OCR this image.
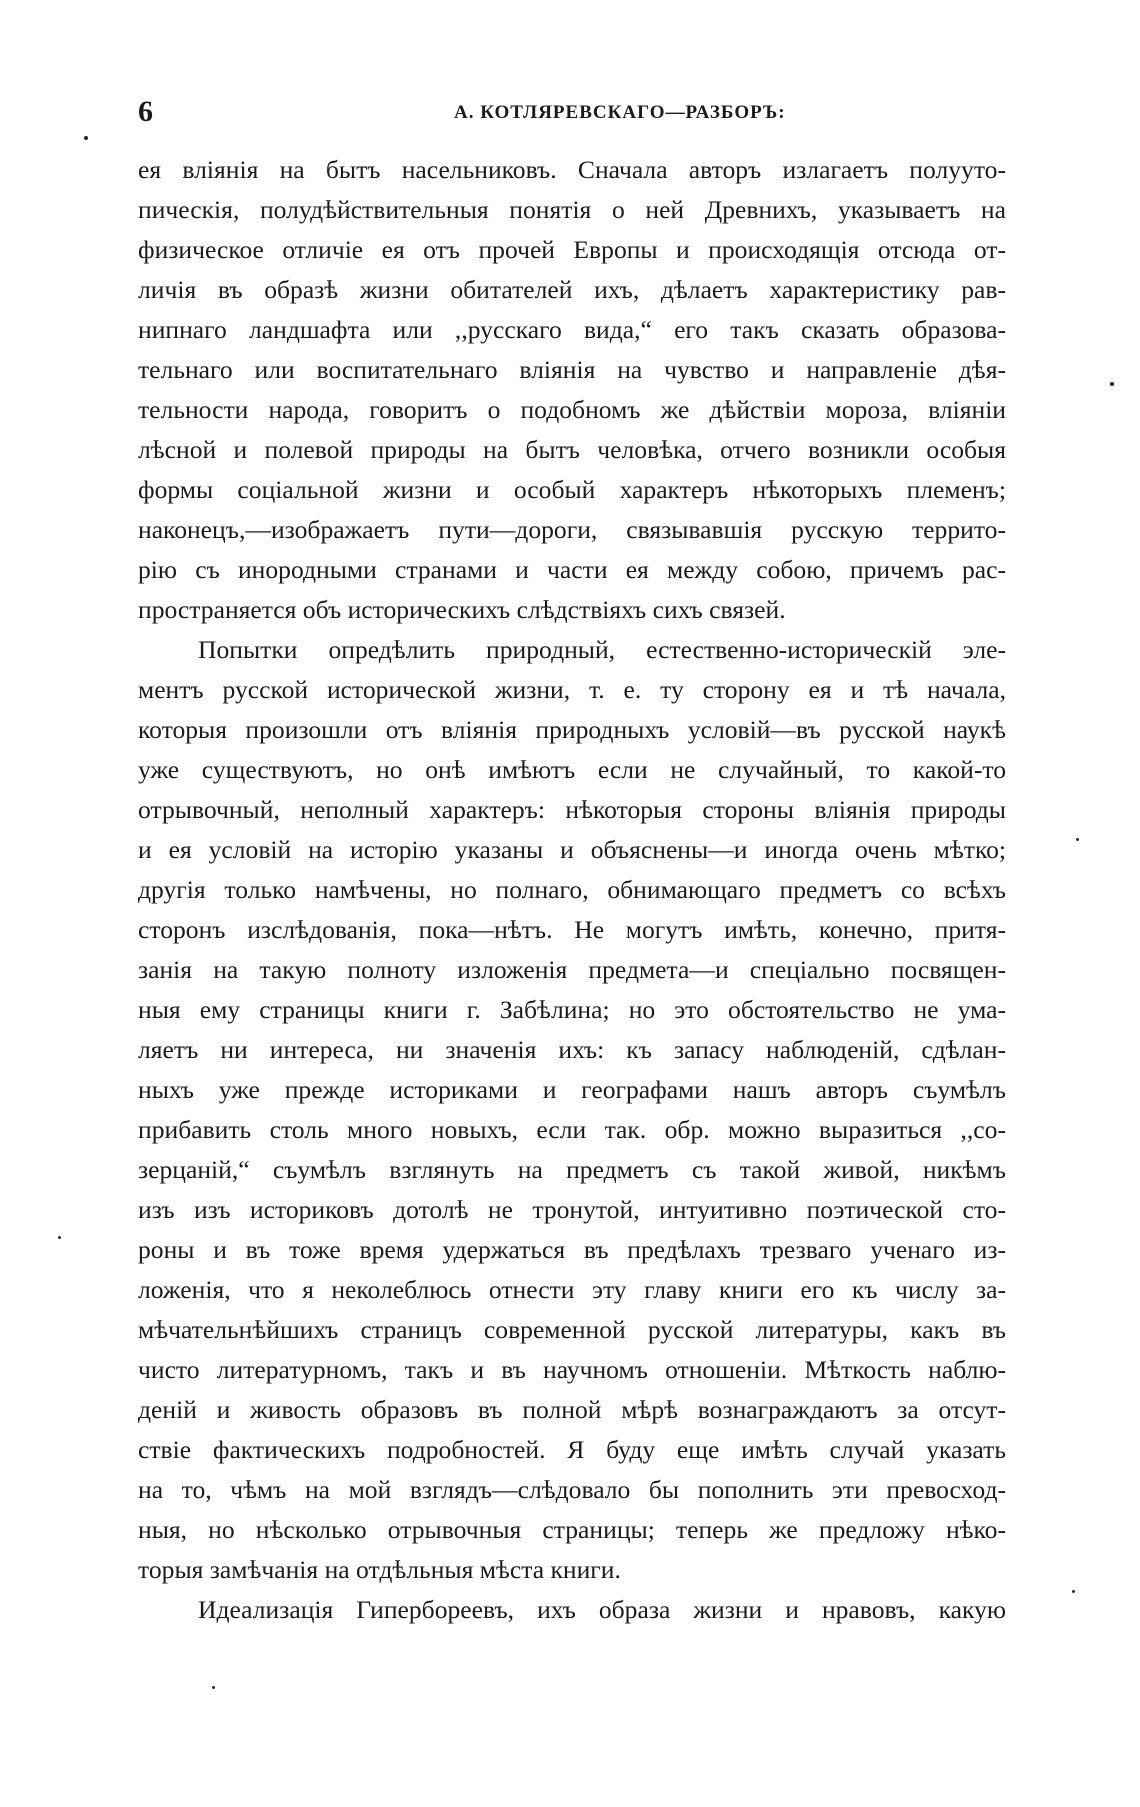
6	А. КОТЛЯРЕВСКАГО—РАЗБОРЪ:
ея влiянiя на бытъ насельниковъ. Сначала авторъ излагаетъ полууто-
пическiя, полудѣйствительныя понятiя о ней Древнихъ, указываетъ на
физическое отличiе ея отъ прочей Европы и происходящiя отсюда от-
личiя въ образѣ жизни обитателей ихъ, дѣлаетъ характеристику рав-
нипнаго ландшафта или ,,русскаго вида,“ его такъ сказать образова-
тельнаго или воспитательнаго влiянiя на чувство и направленiе дѣя-
тельности народа, говоритъ о подобномъ же дѣйствiи мороза, влiянiи
лѣсной и полевой природы на бытъ человѣка, отчего возникли особыя
формы соцiальной жизни и особый характеръ нѣкоторыхъ племенъ;
наконецъ,—изображаетъ пути—дороги, связывавшiя русскую террито-
рiю съ инородными странами и части ея между собою, причемъ рас-
пространяется объ историческихъ слѣдствiяхъ сихъ связей.
Попытки опредѣлить природный, естественно-историческiй эле-
ментъ русской исторической жизни, т. е. ту сторону ея и тѣ начала,
которыя произошли отъ влiянiя природныхъ условiй—въ русской наукѣ
уже существуютъ, но онѣ имѣютъ если не случайный, то какой-то
отрывочный, неполный характеръ: нѣкоторыя стороны влiянiя природы
и ея условiй на исторiю указаны и объяснены—и иногда очень мѣтко;
другiя только намѣчены, но полнаго, обнимающаго предметъ со всѣхъ
сторонъ изслѣдованiя, пока—нѣтъ. Не могутъ имѣть, конечно, притя-
занiя на такую полноту изложенiя предмета—и спецiально посвящен-
ныя ему страницы книги г. Забѣлина; но это обстоятельство не ума-
ляетъ ни интереса, ни значенiя ихъ: къ запасу наблюденiй, сдѣлан-
ныхъ уже прежде историками и географами нашъ авторъ съумѣлъ
прибавить столь много новыхъ, если так. обр. можно выразиться ,,со-
зерцанiй,“ съумѣлъ взглянуть на предметъ съ такой живой, никѣмъ
изъ изъ историковъ дотолѣ не тронутой, интуитивно поэтической сто-
роны и въ тоже время удержаться въ предѣлахъ трезваго ученаго из-
ложенiя, что я неколеблюсь отнести эту главу книги его къ числу за-
мѣчательнѣйшихъ страницъ современной русской литературы, какъ въ
чисто литературномъ, такъ и въ научномъ отношенiи. Мѣткость наблю-
денiй и живость образовъ въ полной мѣрѣ вознаграждаютъ за отсут-
ствiе фактическихъ подробностей. Я буду еще имѣть случай указать
на то, чѣмъ на мой взглядъ—слѣдовало бы пополнить эти превосход-
ныя, но нѣсколько отрывочныя страницы; теперь же предложу нѣко-
торыя замѣчанiя на отдѣльныя мѣста книги.
Идеализацiя Гипербореевъ, ихъ образа жизни и нравовъ, какую
